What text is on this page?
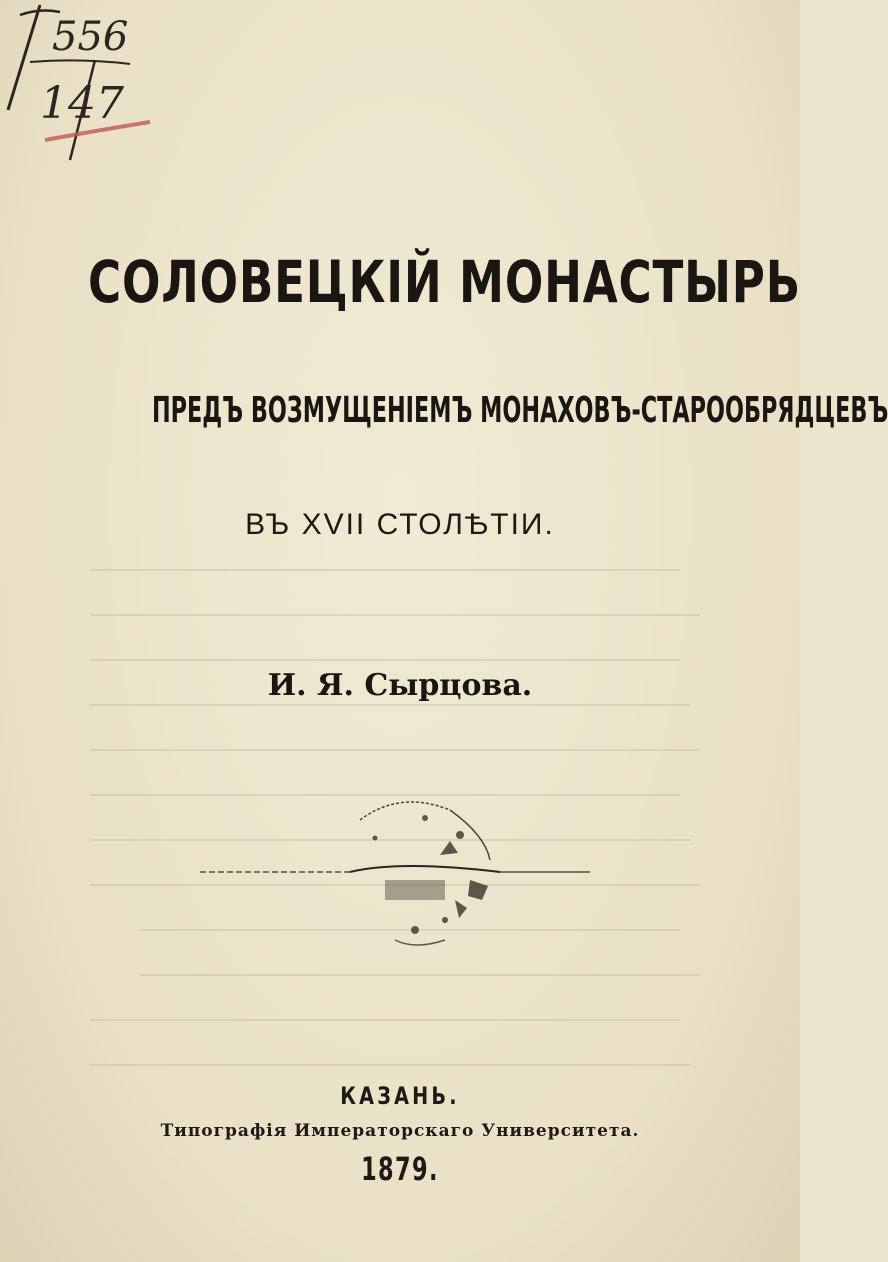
556
147
СОЛОВЕЦКІЙ МОНАСТЫРЬ
ПРЕДЪ ВОЗМУЩЕНІЕМЪ МОНАХОВЪ-СТАРООБРЯДЦЕВЪ
ВЪ XVII СТОЛѢТІИ.
И. Я. Сырцова.
КАЗАНЬ.
Типографія Императорскаго Университета.
1879.
